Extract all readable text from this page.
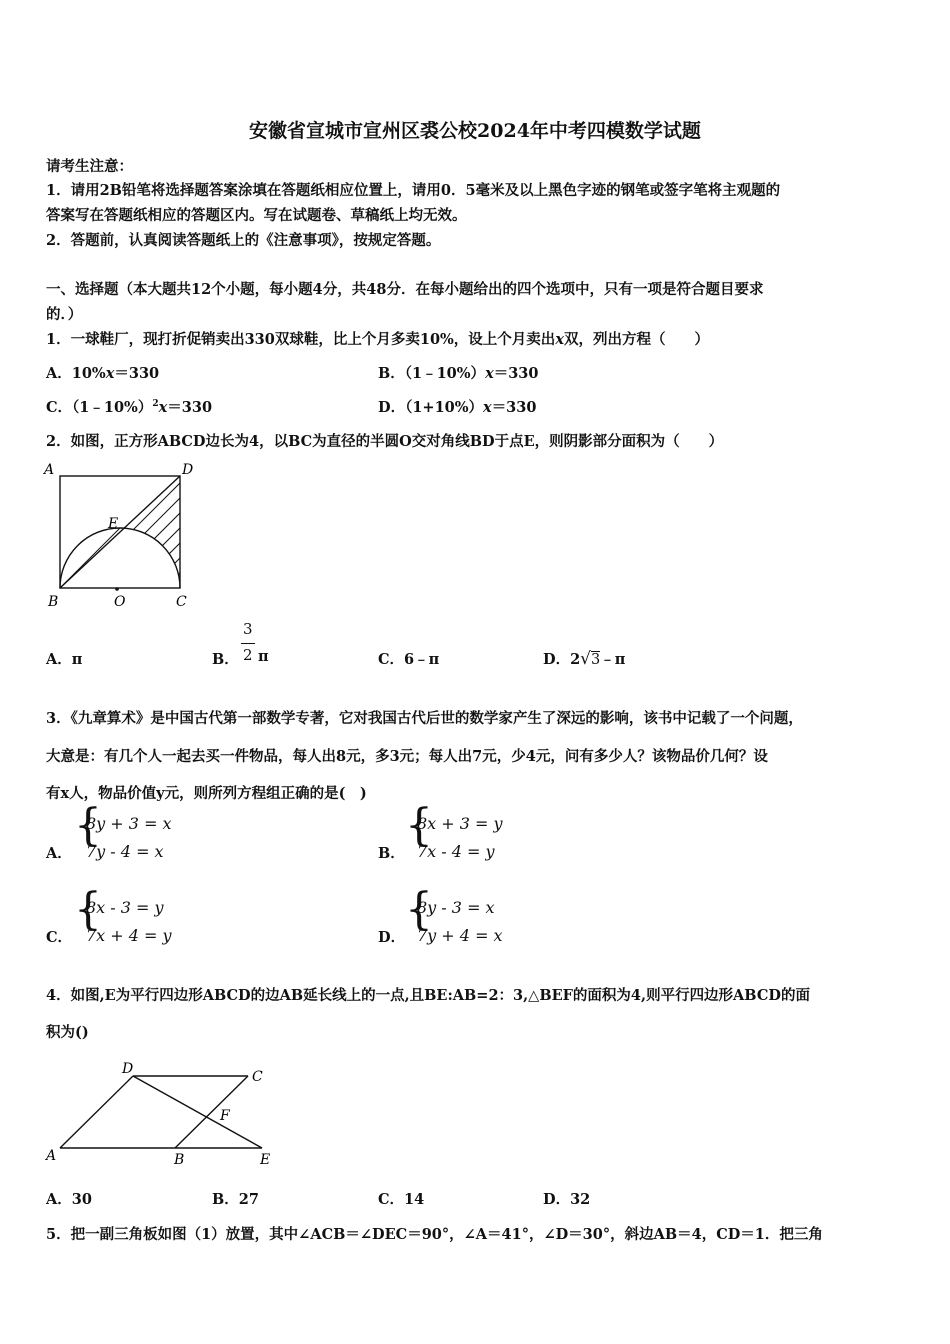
安徽省宣城市宣州区裘公校2024年中考四模数学试题
请考生注意：
1．请用2B铅笔将选择题答案涂填在答题纸相应位置上，请用0．5毫米及以上黑色字迹的钢笔或签字笔将主观题的
答案写在答题纸相应的答题区内。写在试题卷、草稿纸上均无效。
2．答题前，认真阅读答题纸上的《注意事项》，按规定答题。
一、选择题（本大题共12个小题，每小题4分，共48分．在每小题给出的四个选项中，只有一项是符合题目要求
的．）
1．一球鞋厂，现打折促销卖出330双球鞋，比上个月多卖10%，设上个月卖出x双，列出方程（　　）
A．10%x＝330	B．（1﹣10%）x＝330
C．（1﹣10%）$^2$x＝330	D．（1+10%）x＝330
2．如图，正方形ABCD边长为4，以BC为直径的半圆O交对角线BD于点E，则阴影部分面积为（　　）
A	D
E
B	O	C
A．π	B．
3
2 π	C．6﹣π	D．2√3﹣π
3．《九章算术》是中国古代第一部数学专著，它对我国古代后世的数学家产生了深远的影响，该书中记载了一个问题，
大意是：有几个人一起去买一件物品，每人出8元，多3元；每人出7元，少4元，问有多少人？该物品价几何？设
有x人，物品价值y元，则所列方程组正确的是(　)
A．
{
8y + 3 = x
7y - 4 = x	B．
{
8x + 3 = y
7x - 4 = y
C．
{
8x - 3 = y
7x + 4 = y	D．
{
8y - 3 = x
7y + 4 = x
4．如图,E为平行四边形ABCD的边AB延长线上的一点,且BE:AB=2：3,△BEF的面积为4,则平行四边形ABCD的面
积为()
D	C
F
A	B	E
A．30	B．27	C．14	D．32
5．把一副三角板如图（1）放置，其中∠ACB＝∠DEC＝90°，∠A＝41°，∠D＝30°，斜边AB＝4，CD＝1．把三角
